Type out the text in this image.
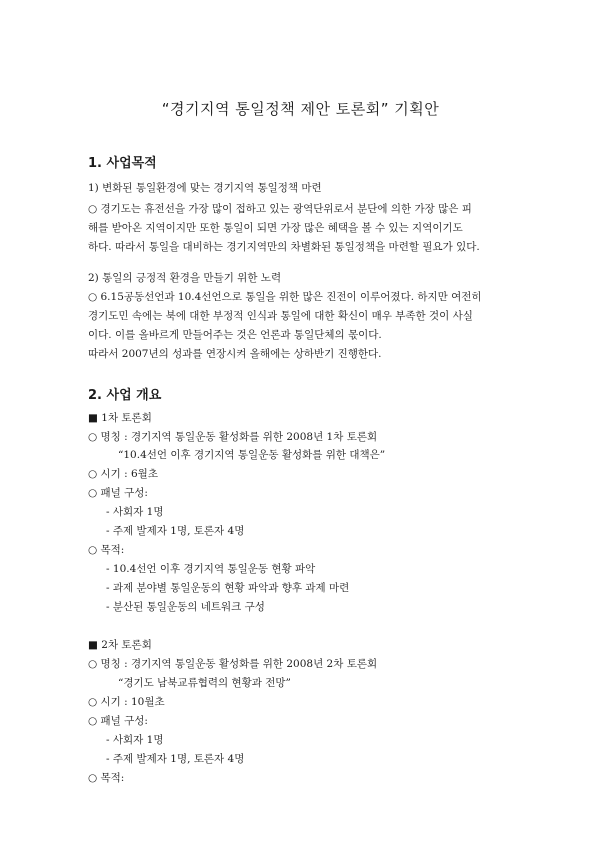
“경기지역 통일정책 제안 토론회” 기획안
1. 사업목적
1) 변화된 통일환경에 맞는 경기지역 통일정책 마련
○ 경기도는 휴전선을 가장 많이 접하고 있는 광역단위로서 분단에 의한 가장 많은 피
해를 받아온 지역이지만 또한 통일이 되면 가장 많은 혜택을 볼 수 있는 지역이기도
하다. 따라서 통일을 대비하는 경기지역만의 차별화된 통일정책을 마련할 필요가 있다.
2) 통일의 긍정적 환경을 만들기 위한 노력
○ 6.15공동선언과 10.4선언으로 통일을 위한 많은 진전이 이루어졌다. 하지만 여전히
경기도민 속에는 북에 대한 부정적 인식과 통일에 대한 확신이 매우 부족한 것이 사실
이다. 이를 올바르게 만들어주는 것은 언론과 통일단체의 몫이다.
따라서 2007년의 성과를 연장시켜 올해에는 상하반기 진행한다.
2. 사업 개요
■ 1차 토론회
○ 명칭 : 경기지역 통일운동 활성화를 위한 2008년 1차 토론회
“10.4선언 이후 경기지역 통일운동 활성화를 위한 대책은”
○ 시기 : 6월초
○ 패널 구성:
- 사회자 1명
- 주제 발제자 1명, 토론자 4명
○ 목적:
- 10.4선언 이후 경기지역 통일운동 현황 파악
- 과제 분야별 통일운동의 현황 파악과 향후 과제 마련
- 분산된 통일운동의 네트워크 구성
■ 2차 토론회
○ 명칭 : 경기지역 통일운동 활성화를 위한 2008년 2차 토론회
“경기도 남북교류협력의 현황과 전망”
○ 시기 : 10월초
○ 패널 구성:
- 사회자 1명
- 주제 발제자 1명, 토론자 4명
○ 목적:
